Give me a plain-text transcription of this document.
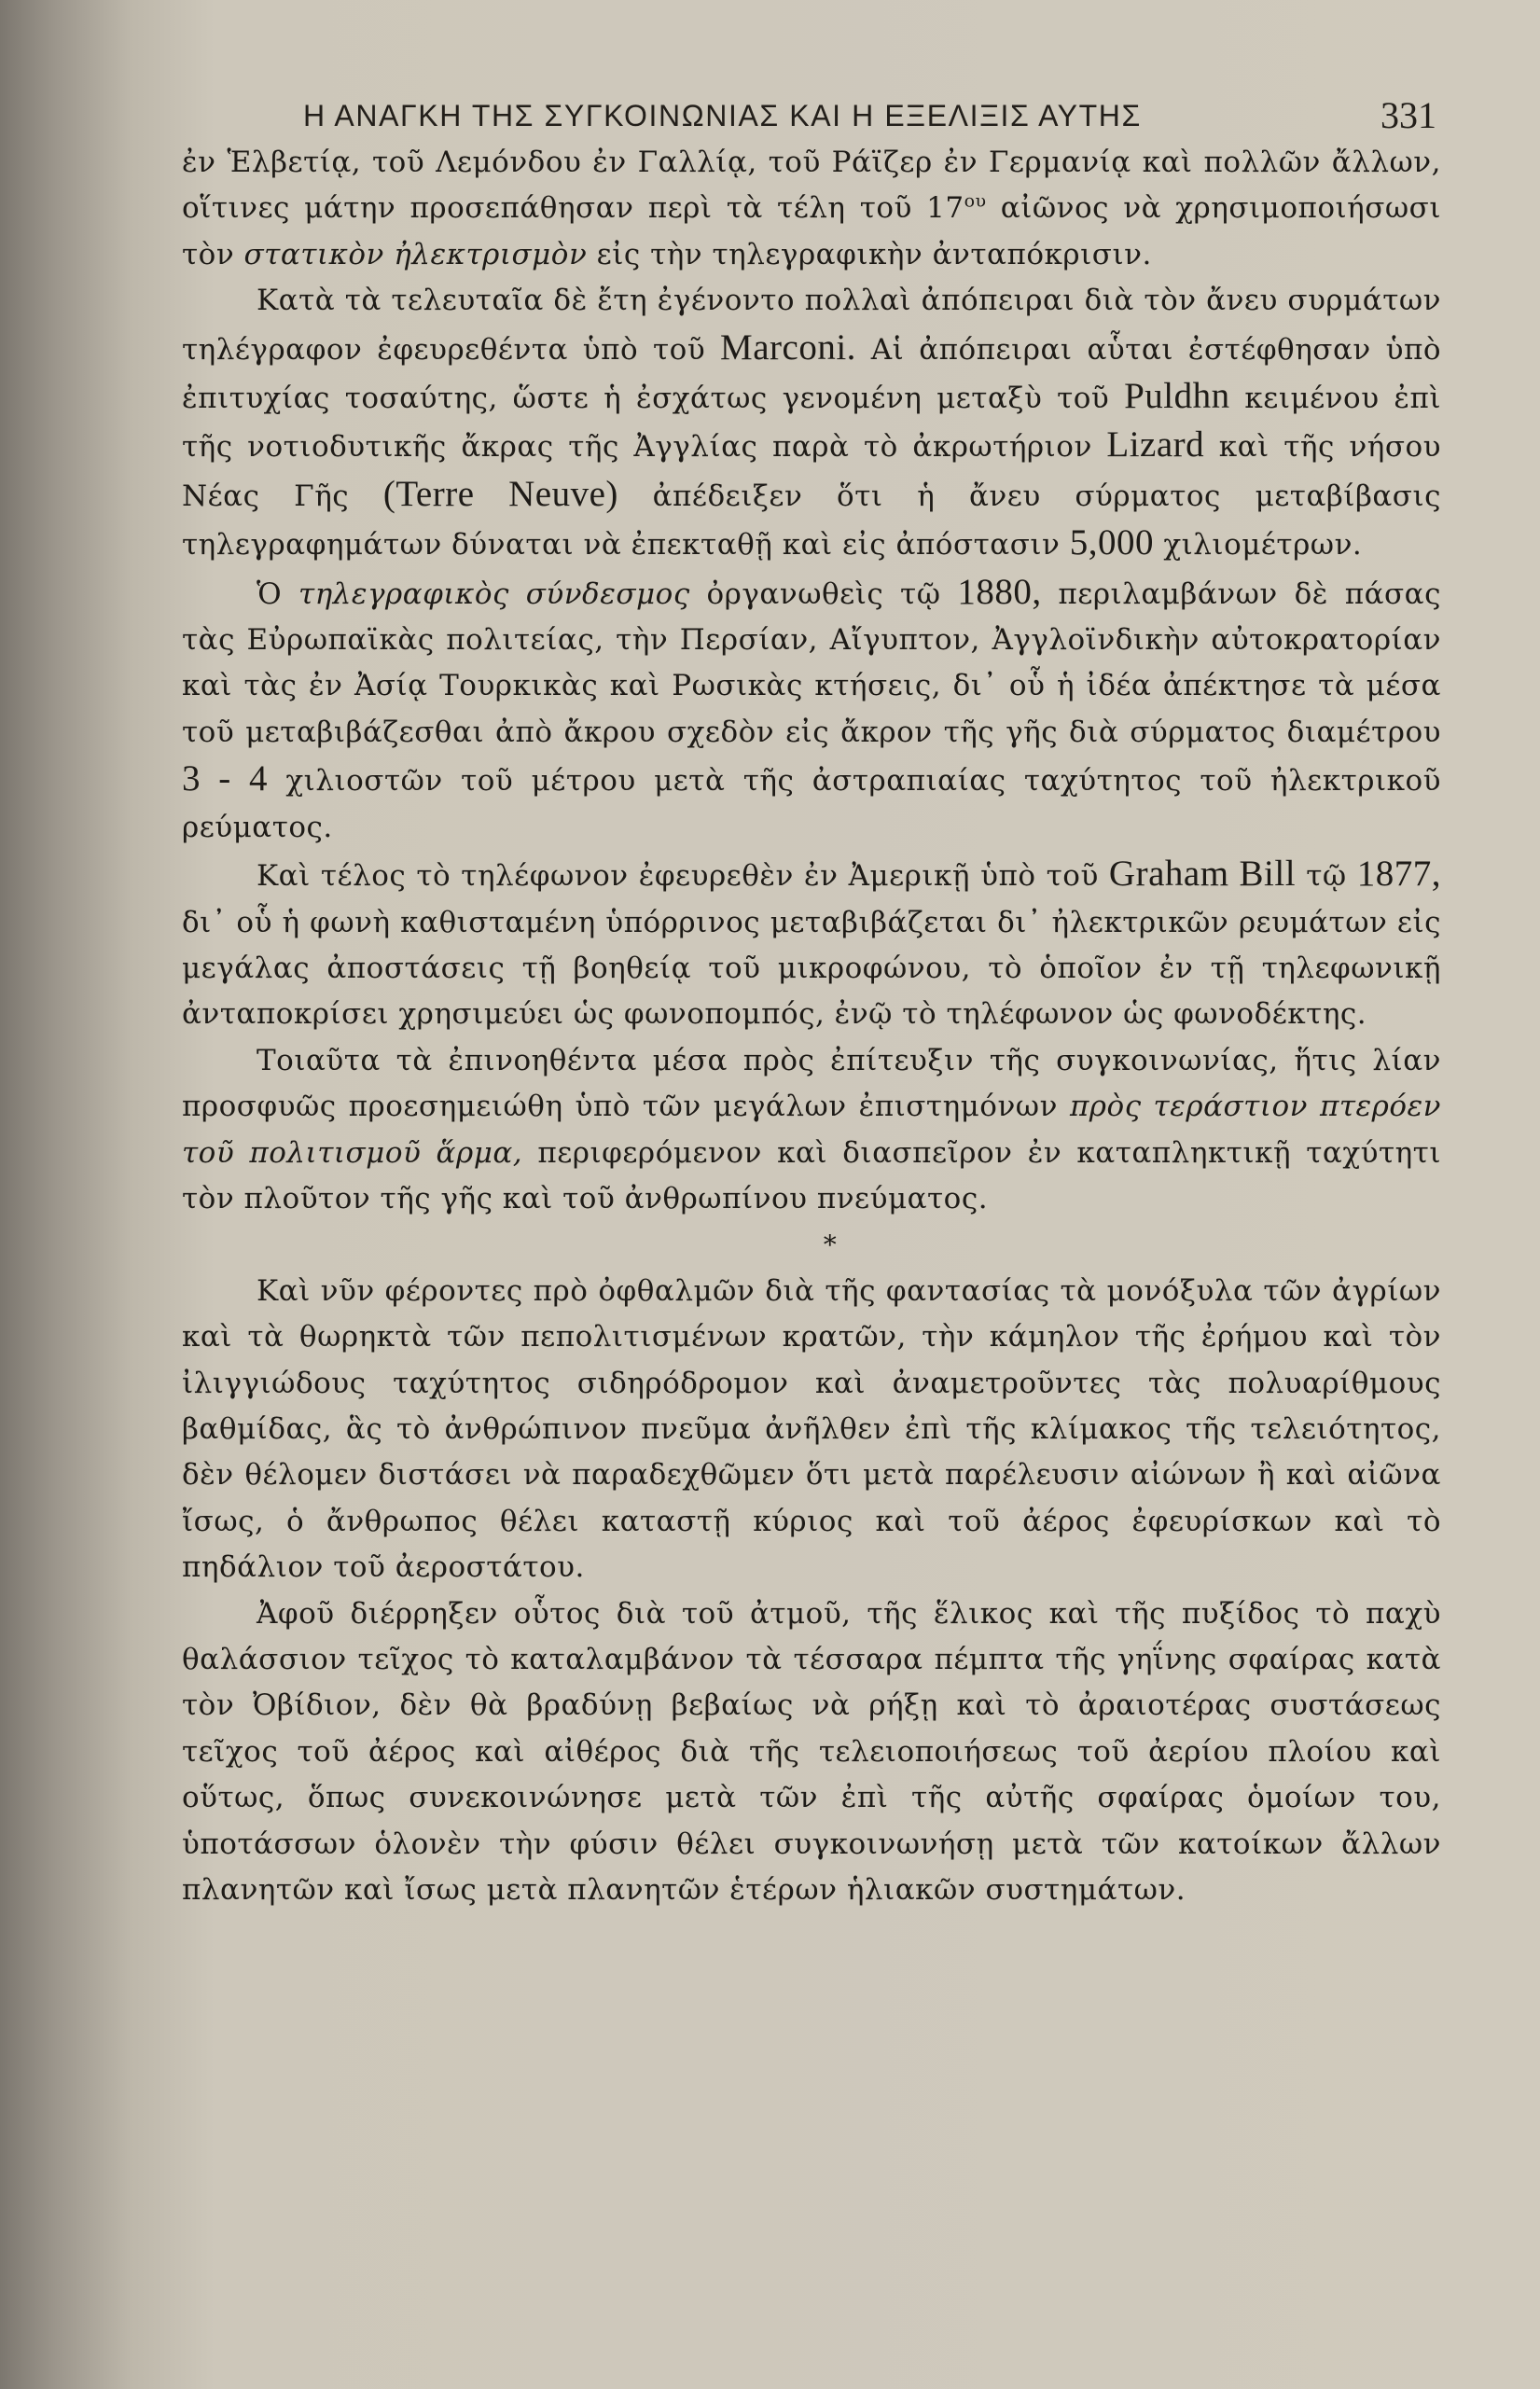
Η ΑΝΑΓΚΗ ΤΗΣ ΣΥΓΚΟΙΝΩΝΙΑΣ ΚΑΙ Η ΕΞΕΛΙΞΙΣ ΑΥΤΗΣ	331

ἐν Ἑλβετίᾳ, τοῦ Λεμόνδου ἐν Γαλλίᾳ, τοῦ Ράϊζερ ἐν Γερμανίᾳ καὶ πολλῶν ἄλλων, οἵτινες μάτην προσεπάθησαν περὶ τὰ τέλη τοῦ $17^{o\upsilon}$ αἰῶνος νὰ χρησιμοποιήσωσι τὸν στατικὸν ἠλεκτρισμὸν εἰς τὴν τηλεγραφικὴν ἀνταπόκρισιν.

Κατὰ τὰ τελευταῖα δὲ ἔτη ἐγένοντο πολλαὶ ἀπόπειραι διὰ τὸν ἄνευ συρμάτων τηλέγραφον ἐφευρεθέντα ὑπὸ τοῦ Marconi. Αἱ ἀπόπειραι αὗται ἐστέφθησαν ὑπὸ ἐπιτυχίας τοσαύτης, ὥστε ἡ ἐσχάτως γενομένη μεταξὺ τοῦ Puldhn κειμένου ἐπὶ τῆς νοτιοδυτικῆς ἄκρας τῆς Ἀγγλίας παρὰ τὸ ἀκρωτήριον Lizard καὶ τῆς νήσου Νέας Γῆς (Terre Neuve) ἀπέδειξεν ὅτι ἡ ἄνευ σύρματος μεταβίβασις τηλεγραφημάτων δύναται νὰ ἐπεκταθῇ καὶ εἰς ἀπόστασιν 5,000 χιλιομέτρων.

Ὁ τηλεγραφικὸς σύνδεσμος ὀργανωθεὶς τῷ 1880, περιλαμβάνων δὲ πάσας τὰς Εὐρωπαϊκὰς πολιτείας, τὴν Περσίαν, Αἴγυπτον, Ἀγγλοϊνδικὴν αὐτοκρατορίαν καὶ τὰς ἐν Ἀσίᾳ Τουρκικὰς καὶ Ρωσικὰς κτήσεις, δι᾽ οὗ ἡ ἰδέα ἀπέκτησε τὰ μέσα τοῦ μεταβιβάζεσθαι ἀπὸ ἄκρου σχεδὸν εἰς ἄκρον τῆς γῆς διὰ σύρματος διαμέτρου 3 - 4 χιλιοστῶν τοῦ μέτρου μετὰ τῆς ἀστραπιαίας ταχύτητος τοῦ ἠλεκτρικοῦ ρεύματος.

Καὶ τέλος τὸ τηλέφωνον ἐφευρεθὲν ἐν Ἀμερικῇ ὑπὸ τοῦ Graham Bill τῷ 1877, δι᾽ οὗ ἡ φωνὴ καθισταμένη ὑπόρρινος μεταβιβάζεται δι᾽ ἠλεκτρικῶν ρευμάτων εἰς μεγάλας ἀποστάσεις τῇ βοηθείᾳ τοῦ μικροφώνου, τὸ ὁποῖον ἐν τῇ τηλεφωνικῇ ἀνταποκρίσει χρησιμεύει ὡς φωνοπομπός, ἐνῷ τὸ τηλέφωνον ὡς φωνοδέκτης.

Τοιαῦτα τὰ ἐπινοηθέντα μέσα πρὸς ἐπίτευξιν τῆς συγκοινωνίας, ἥτις λίαν προσφυῶς προεσημειώθη ὑπὸ τῶν μεγάλων ἐπιστημόνων πρὸς τεράστιον πτερόεν τοῦ πολιτισμοῦ ἅρμα, περιφερόμενον καὶ διασπεῖρον ἐν καταπληκτικῇ ταχύτητι τὸν πλοῦτον τῆς γῆς καὶ τοῦ ἀνθρωπίνου πνεύματος.

*

Καὶ νῦν φέροντες πρὸ ὀφθαλμῶν διὰ τῆς φαντασίας τὰ μονόξυλα τῶν ἀγρίων καὶ τὰ θωρηκτὰ τῶν πεπολιτισμένων κρατῶν, τὴν κάμηλον τῆς ἐρήμου καὶ τὸν ἰλιγγιώδους ταχύτητος σιδηρόδρομον καὶ ἀναμετροῦντες τὰς πολυαρίθμους βαθμίδας, ἃς τὸ ἀνθρώπινον πνεῦμα ἀνῆλθεν ἐπὶ τῆς κλίμακος τῆς τελειότητος, δὲν θέλομεν διστάσει νὰ παραδεχθῶμεν ὅτι μετὰ παρέλευσιν αἰώνων ἢ καὶ αἰῶνα ἴσως, ὁ ἄνθρωπος θέλει καταστῇ κύριος καὶ τοῦ ἀέρος ἐφευρίσκων καὶ τὸ πηδάλιον τοῦ ἀεροστάτου.

Ἀφοῦ διέρρηξεν οὗτος διὰ τοῦ ἀτμοῦ, τῆς ἕλικος καὶ τῆς πυξίδος τὸ παχὺ θαλάσσιον τεῖχος τὸ καταλαμβάνον τὰ τέσσαρα πέμπτα τῆς γηΐνης σφαίρας κατὰ τὸν Ὀβίδιον, δὲν θὰ βραδύνῃ βεβαίως νὰ ρήξῃ καὶ τὸ ἀραιοτέρας συστάσεως τεῖχος τοῦ ἀέρος καὶ αἰθέρος διὰ τῆς τελειοποιήσεως τοῦ ἀερίου πλοίου καὶ οὕτως, ὅπως συνεκοινώνησε μετὰ τῶν ἐπὶ τῆς αὐτῆς σφαίρας ὁμοίων του, ὑποτάσσων ὁλονὲν τὴν φύσιν θέλει συγκοινωνήσῃ μετὰ τῶν κατοίκων ἄλλων πλανητῶν καὶ ἴσως μετὰ πλανητῶν ἑτέρων ἡλιακῶν συστημάτων.
